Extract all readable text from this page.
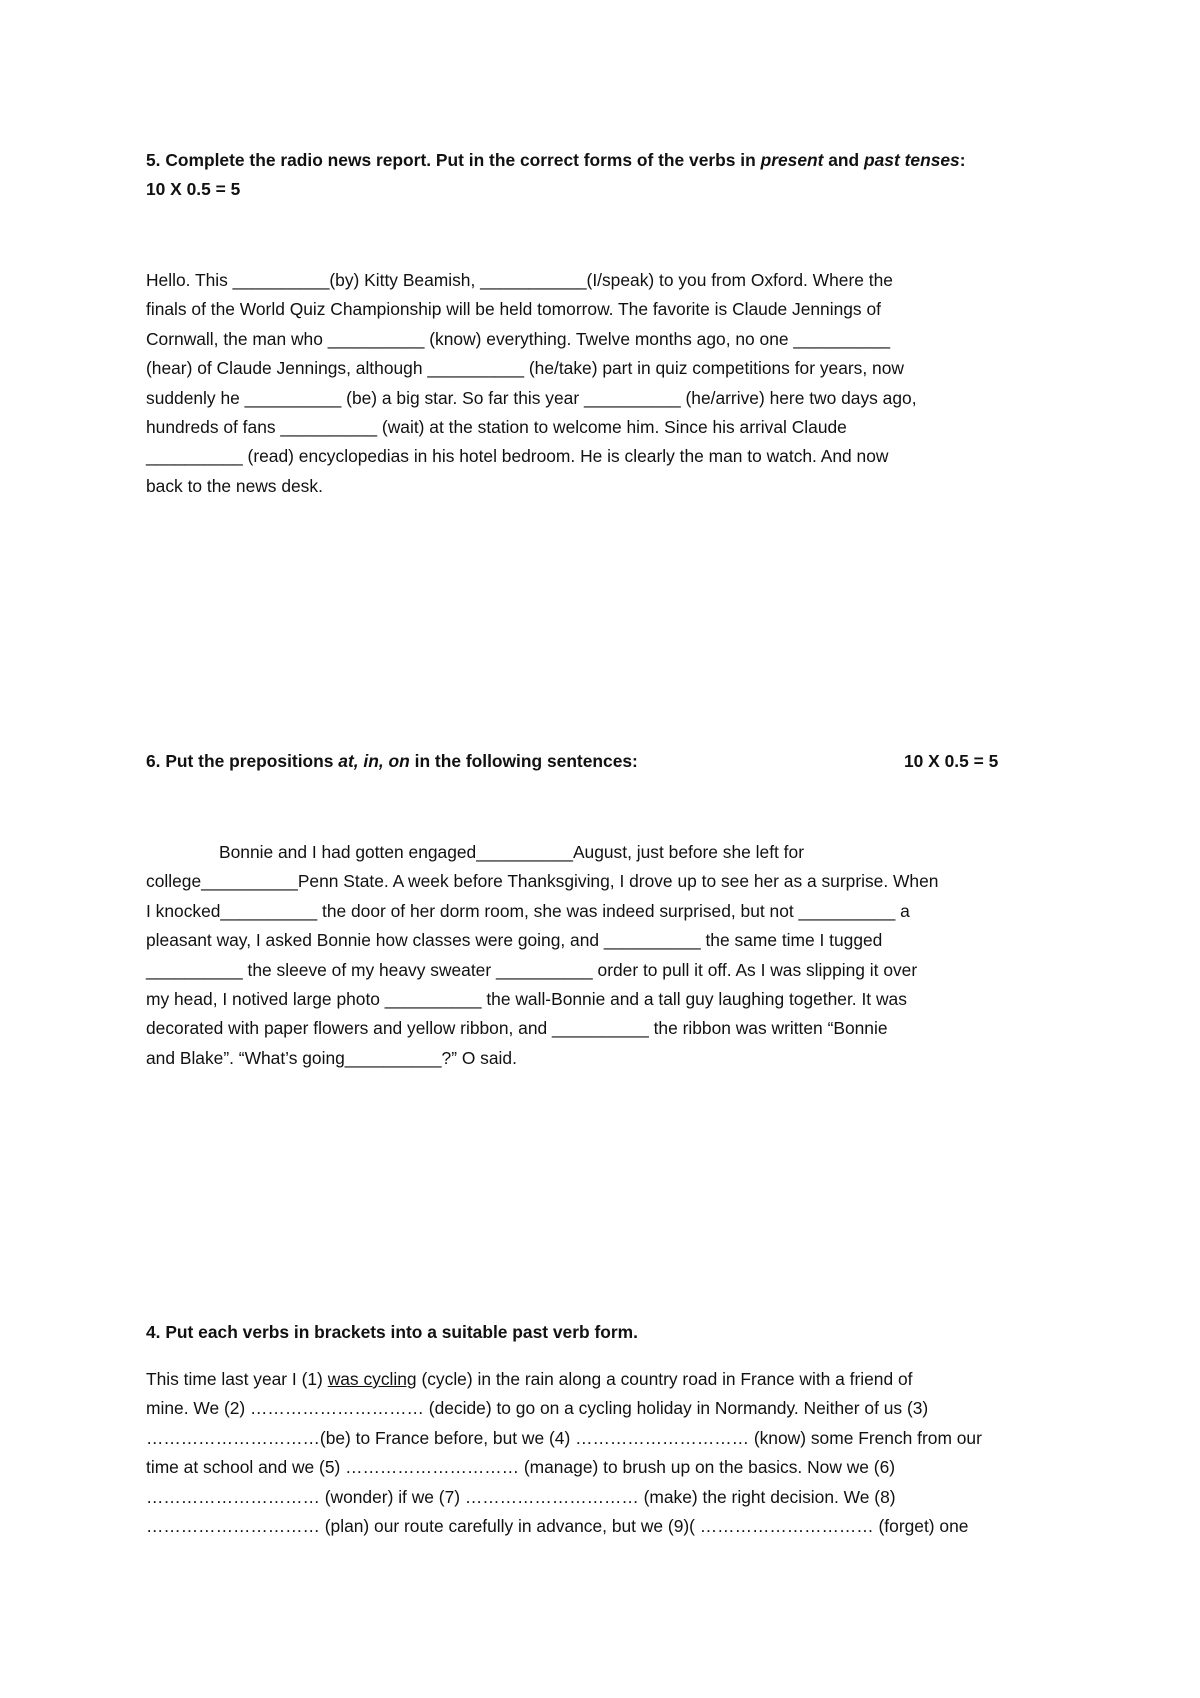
5. Complete the radio news report. Put in the correct forms of the verbs in present and past tenses:

10 X 0.5 = 5

Hello. This __________(by) Kitty Beamish, ___________(I/speak) to you from Oxford. Where the
finals of the World Quiz Championship will be held tomorrow. The favorite is Claude Jennings of
Cornwall, the man who __________ (know) everything. Twelve months ago, no one __________
(hear) of Claude Jennings, although __________ (he/take) part in quiz competitions for years, now
suddenly he __________ (be) a big star. So far this year __________ (he/arrive) here two days ago,
hundreds of fans __________ (wait) at the station to welcome him. Since his arrival Claude
__________ (read) encyclopedias in his hotel bedroom. He is clearly the man to watch. And now
back to the news desk.

6. Put the prepositions at, in, on in the following sentences:	10 X 0.5 = 5

Bonnie and I had gotten engaged__________August, just before she left for
college__________Penn State. A week before Thanksgiving, I drove up to see her as a surprise. When
I knocked__________ the door of her dorm room, she was indeed surprised, but not __________ a
pleasant way, I asked Bonnie how classes were going, and __________ the same time I tugged
__________ the sleeve of my heavy sweater __________ order to pull it off. As I was slipping it over
my head, I notived large photo __________ the wall-Bonnie and a tall guy laughing together. It was
decorated with paper flowers and yellow ribbon, and __________ the ribbon was written “Bonnie
and Blake”. “What’s going__________?” O said.

4. Put each verbs in brackets into a suitable past verb form.

This time last year I (1) was cycling (cycle) in the rain along a country road in France with a friend of
mine. We (2) ………………………… (decide) to go on a cycling holiday in Normandy. Neither of us (3)
…………………………(be) to France before, but we (4) ………………………… (know) some French from our
time at school and we (5) ………………………… (manage) to brush up on the basics. Now we (6)
………………………… (wonder) if we (7) ………………………… (make) the right decision. We (8)
………………………… (plan) our route carefully in advance, but we (9)( ………………………… (forget) one
